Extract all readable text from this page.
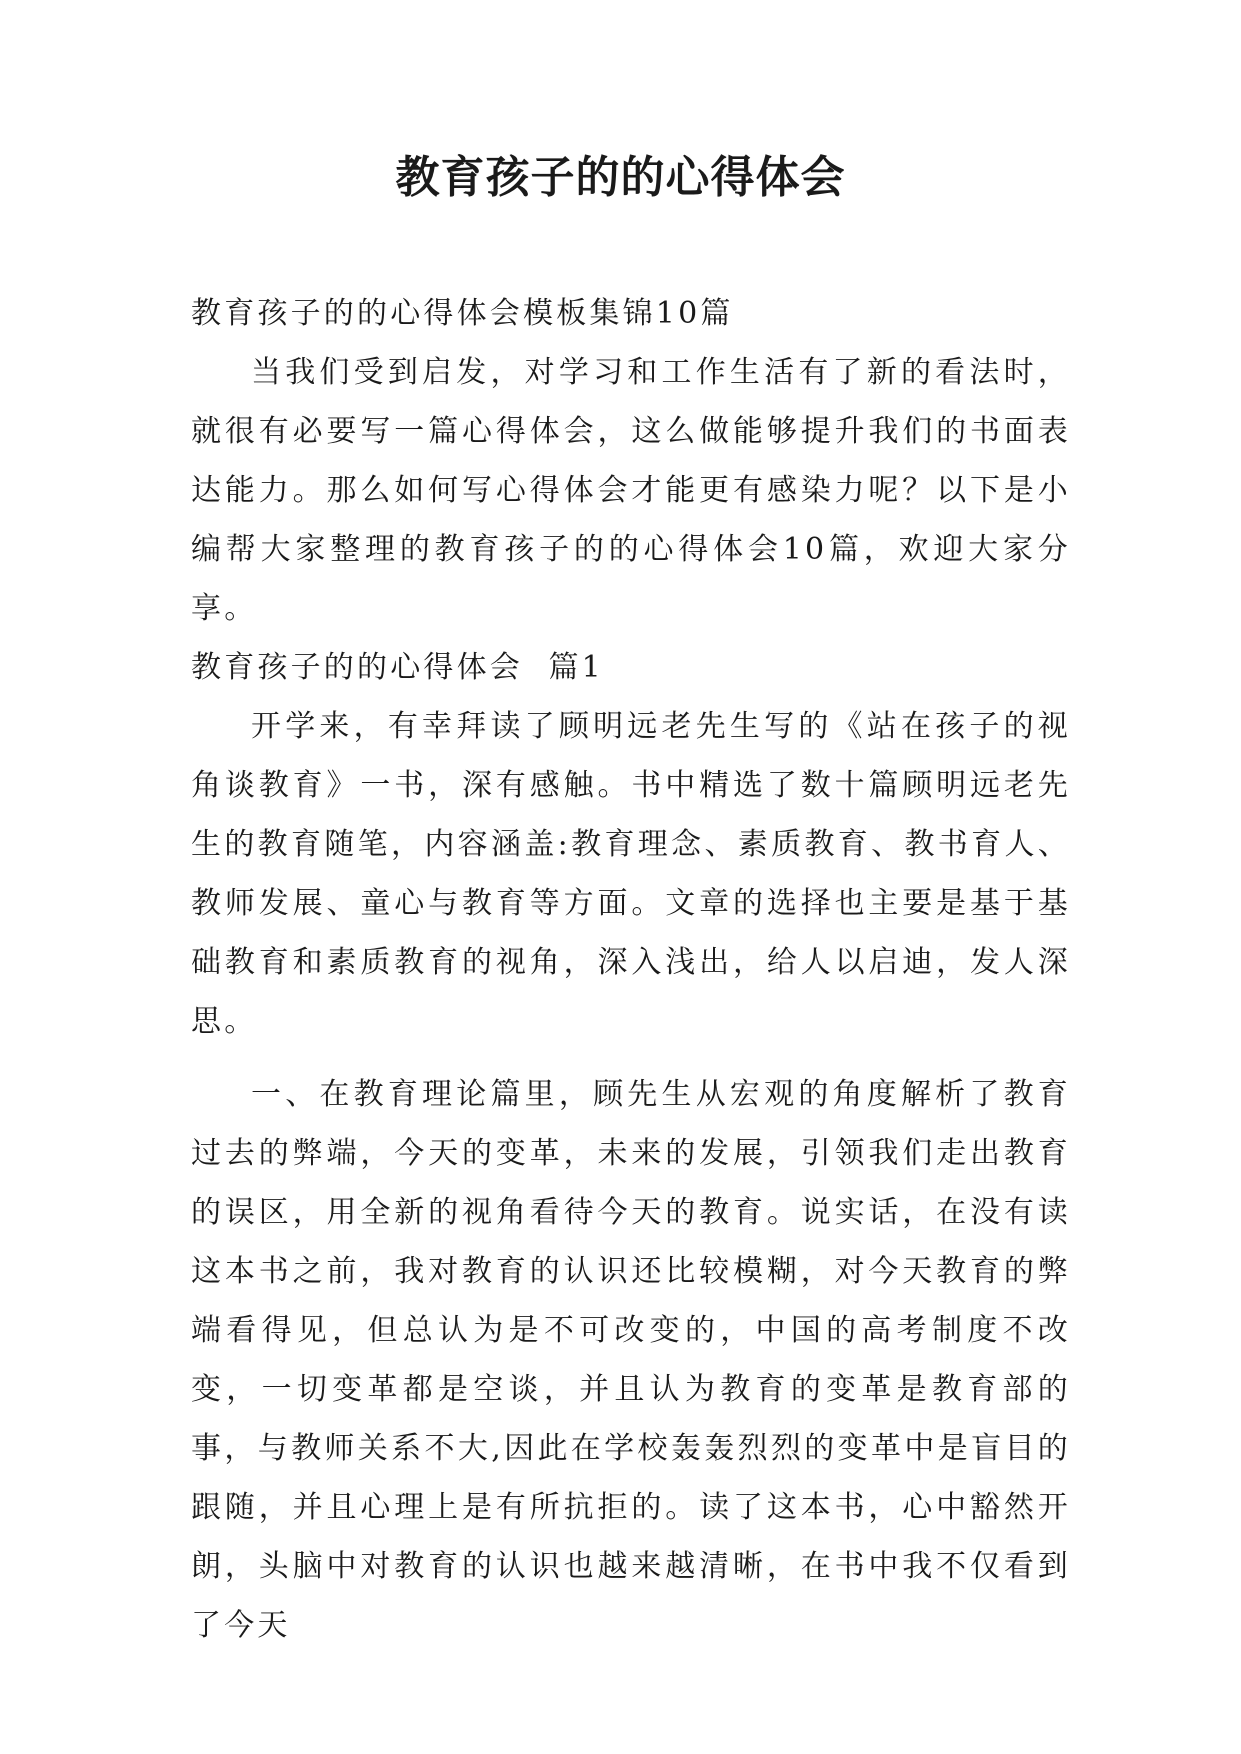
教育孩子的的心得体会

教育孩子的的心得体会模板集锦10篇

当我们受到启发，对学习和工作生活有了新的看法时，就很有必要写一篇心得体会，这么做能够提升我们的书面表达能力。那么如何写心得体会才能更有感染力呢？以下是小编帮大家整理的教育孩子的的心得体会10篇，欢迎大家分享。

教育孩子的的心得体会  篇1

开学来，有幸拜读了顾明远老先生写的《站在孩子的视角谈教育》一书，深有感触。书中精选了数十篇顾明远老先生的教育随笔，内容涵盖:教育理念、素质教育、教书育人、教师发展、童心与教育等方面。文章的选择也主要是基于基础教育和素质教育的视角，深入浅出，给人以启迪，发人深思。

一、在教育理论篇里，顾先生从宏观的角度解析了教育过去的弊端，今天的变革，未来的发展，引领我们走出教育的误区，用全新的视角看待今天的教育。说实话，在没有读这本书之前，我对教育的认识还比较模糊，对今天教育的弊端看得见，但总认为是不可改变的，中国的高考制度不改变，一切变革都是空谈，并且认为教育的变革是教育部的事，与教师关系不大,因此在学校轰轰烈烈的变革中是盲目的跟随，并且心理上是有所抗拒的。读了这本书，心中豁然开朗，头脑中对教育的认识也越来越清晰，在书中我不仅看到了今天
